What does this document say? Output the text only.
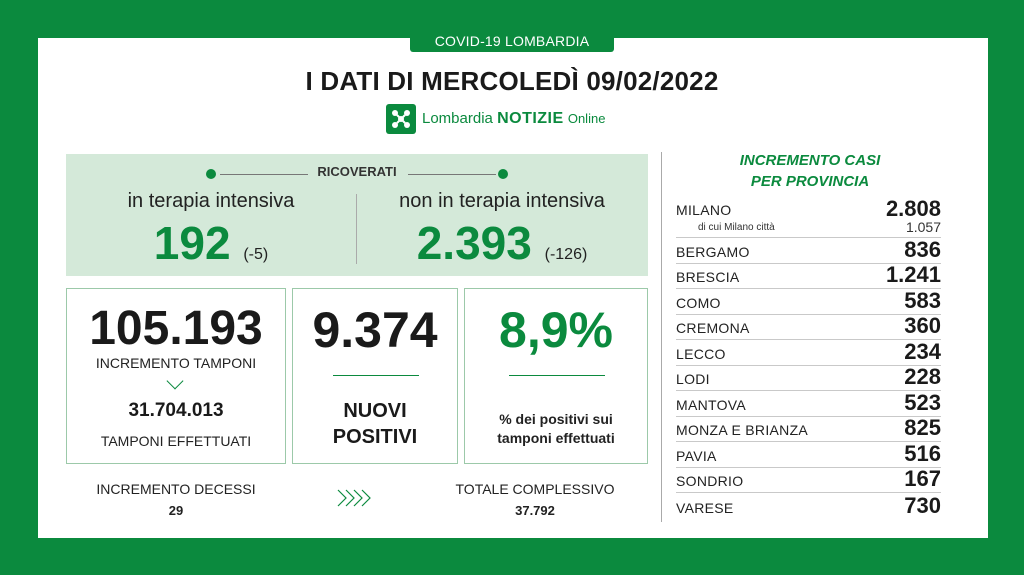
COVID-19 LOMBARDIA
I DATI DI MERCOLEDÌ 09/02/2022
Lombardia NOTIZIE Online
RICOVERATI
in terapia intensiva
192 (-5)
non in terapia intensiva
2.393 (-126)
105.193
INCREMENTO TAMPONI
31.704.013
TAMPONI EFFETTUATI
9.374
NUOVI
POSITIVI
8,9%
% dei positivi sui
tamponi effettuati
INCREMENTO DECESSI
29
TOTALE COMPLESSIVO
37.792
INCREMENTO CASI
PER PROVINCIA
MILANO	2.808
di cui Milano città	1.057
BERGAMO	836
BRESCIA	1.241
COMO	583
CREMONA	360
LECCO	234
LODI	228
MANTOVA	523
MONZA E BRIANZA	825
PAVIA	516
SONDRIO	167
VARESE	730
